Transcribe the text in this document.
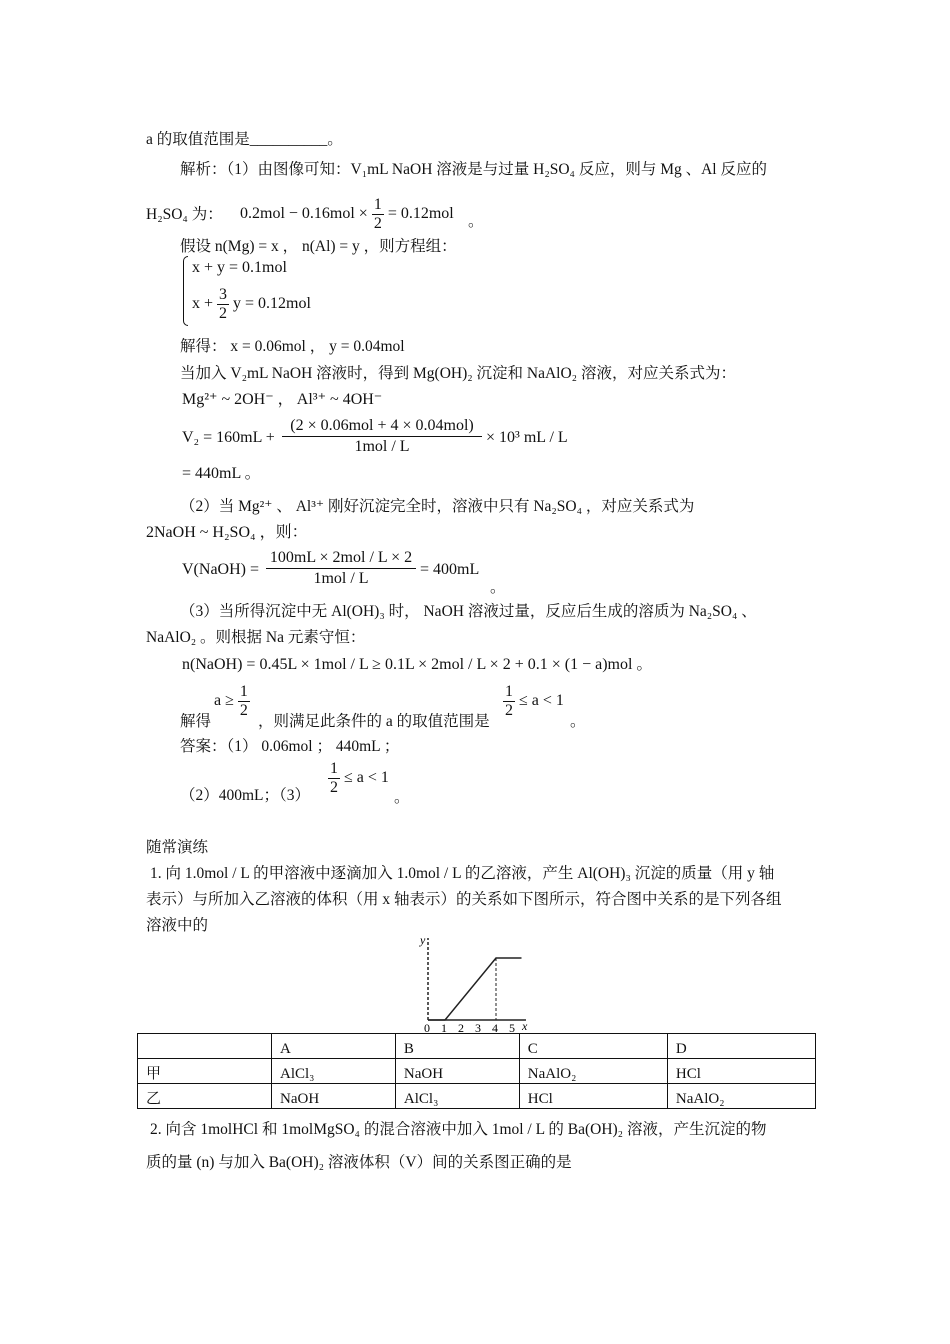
a 的取值范围是__________。
解析：（1）由图像可知：V₁mL NaOH 溶液是与过量 H₂SO₄ 反应，则与 Mg 、Al 反应的
H₂SO₄ 为： $0.2mol - 0.16mol \times \frac{1}{2} = 0.12mol$ 。
假设 n(Mg) = x ， n(Al) = y ，则方程组：
x + y = 0.1mol
$x + \frac{3}{2}$ y = 0.12mol
解得： x = 0.06mol ， y = 0.04mol
当加入 V₂mL NaOH 溶液时，得到 Mg(OH)₂ 沉淀和 NaAlO₂ 溶液，对应关系式为：
Mg²⁺ ~ 2OH⁻ ， Al³⁺ ~ 4OH⁻
V₂ = 160mL +
(2 × 0.06mol + 4 × 0.04mol)
1mol / L
× 10³ mL / L
= 440mL 。
（2）当 Mg²⁺ 、 Al³⁺ 刚好沉淀完全时，溶液中只有 Na₂SO₄ ，对应关系式为
2NaOH ~ H₂SO₄ ，则：
V(NaOH) =
100mL × 2mol / L × 2
1mol / L
= 400mL
。
（3）当所得沉淀中无 Al(OH)₃ 时， NaOH 溶液过量，反应后生成的溶质为 Na₂SO₄ 、
NaAlO₂ 。则根据 Na 元素守恒：
n(NaOH) = 0.45L × 1mol / L ≥ 0.1L × 2mol / L × 2 + 0.1 × (1 − a)mol 。
解得
$a \ge \frac{1}{2}$
，则满足此条件的 a 的取值范围是
$\frac{1}{2} \le a < 1$
。
答案：（1） 0.06mol ； 440mL ；
（2）400mL；$(3) \frac{1}{2} \le a < 1$
。
随常演练
1. 向 1.0mol / L 的甲溶液中逐滴加入 1.0mol / L 的乙溶液，产生 Al(OH)₃ 沉淀的质量（用 y 轴
表示）与所加入乙溶液的体积（用 x 轴表示）的关系如下图所示，符合图中关系的是下列各组
溶液中的
y
x
0 1 2 3 4 5
	A	B	C	D
甲	AlCl₃	NaOH	NaAlO₂	HCl
乙	NaOH	AlCl₃	HCl	NaAlO₂
2. 向含 1molHCl 和 1molMgSO₄ 的混合溶液中加入 1mol / L 的 Ba(OH)₂ 溶液，产生沉淀的物
质的量 (n) 与加入 Ba(OH)₂ 溶液体积（V）间的关系图正确的是
